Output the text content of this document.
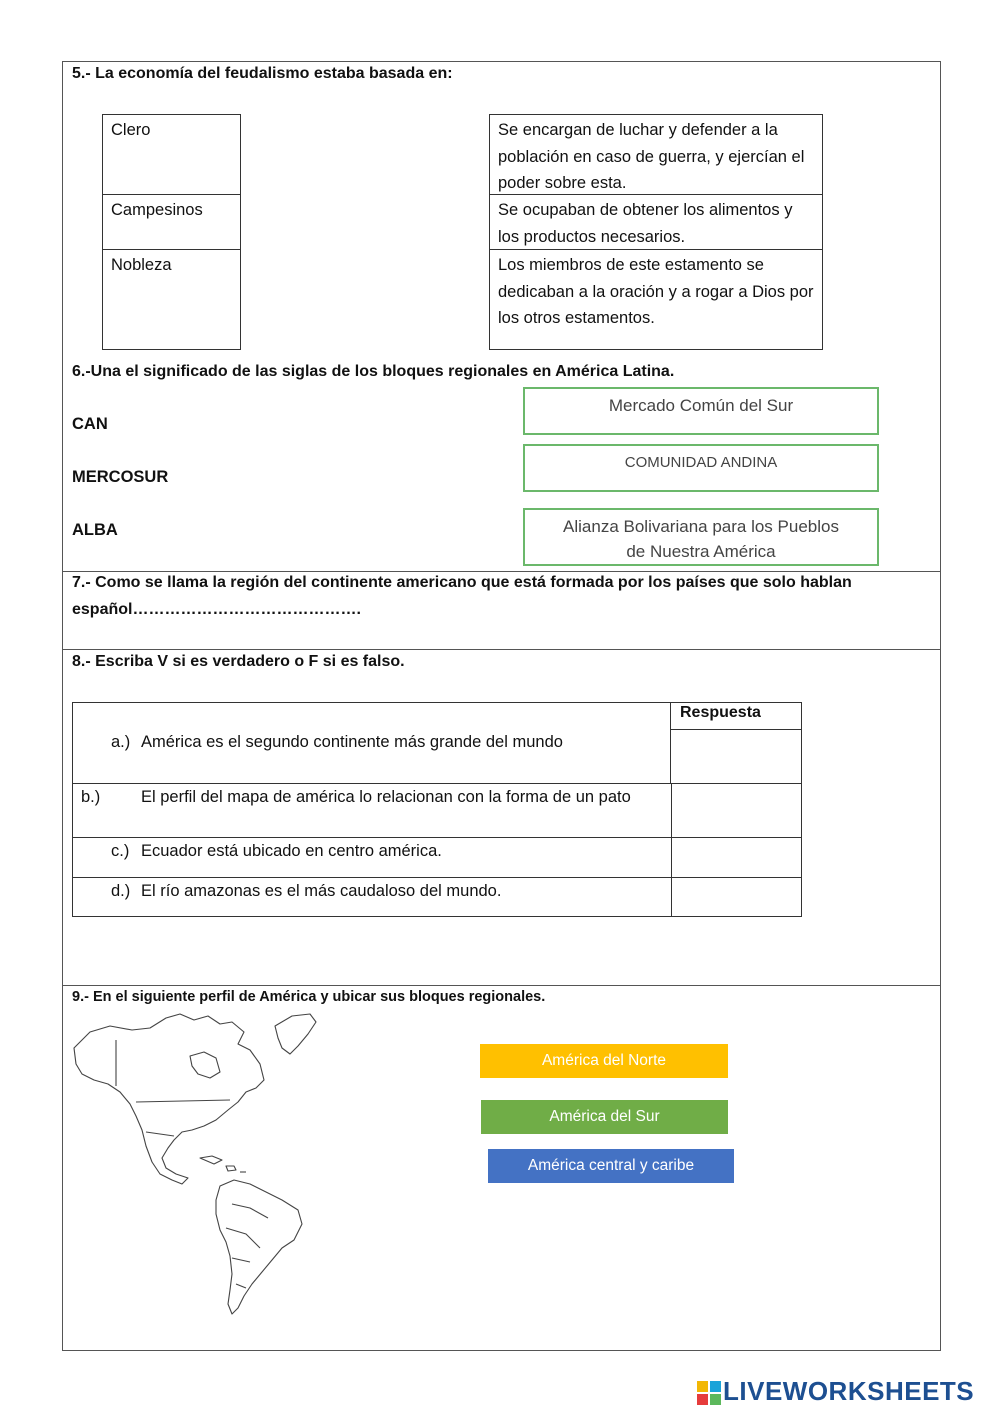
5.- La economía del feudalismo estaba basada en:
Clero
Campesinos
Nobleza
Se encargan de luchar y defender a la población en caso de guerra, y ejercían el poder sobre esta.
Se ocupaban de obtener los alimentos y los productos necesarios.
Los miembros de este estamento se dedicaban a la oración y a rogar a Dios por los otros estamentos.
6.-Una el significado de las siglas de los bloques regionales en América Latina.
CAN
MERCOSUR
ALBA
Mercado Común del Sur
COMUNIDAD ANDINA
Alianza Bolivariana para los Pueblos de Nuestra América
7.- Como se llama la región del continente americano que está formada por los países que solo hablan español…………………………………….
8.- Escriba V si es verdadero o F si es falso.
Respuesta
a.) América es el segundo continente más grande del mundo
b.) El perfil del mapa de américa lo relacionan con la forma de un pato
c.) Ecuador está ubicado en centro américa.
d.) El río amazonas es el más caudaloso del mundo.
9.- En el siguiente perfil de América y ubicar sus bloques regionales.
América del Norte
América del Sur
América central y caribe
LIVEWORKSHEETS
